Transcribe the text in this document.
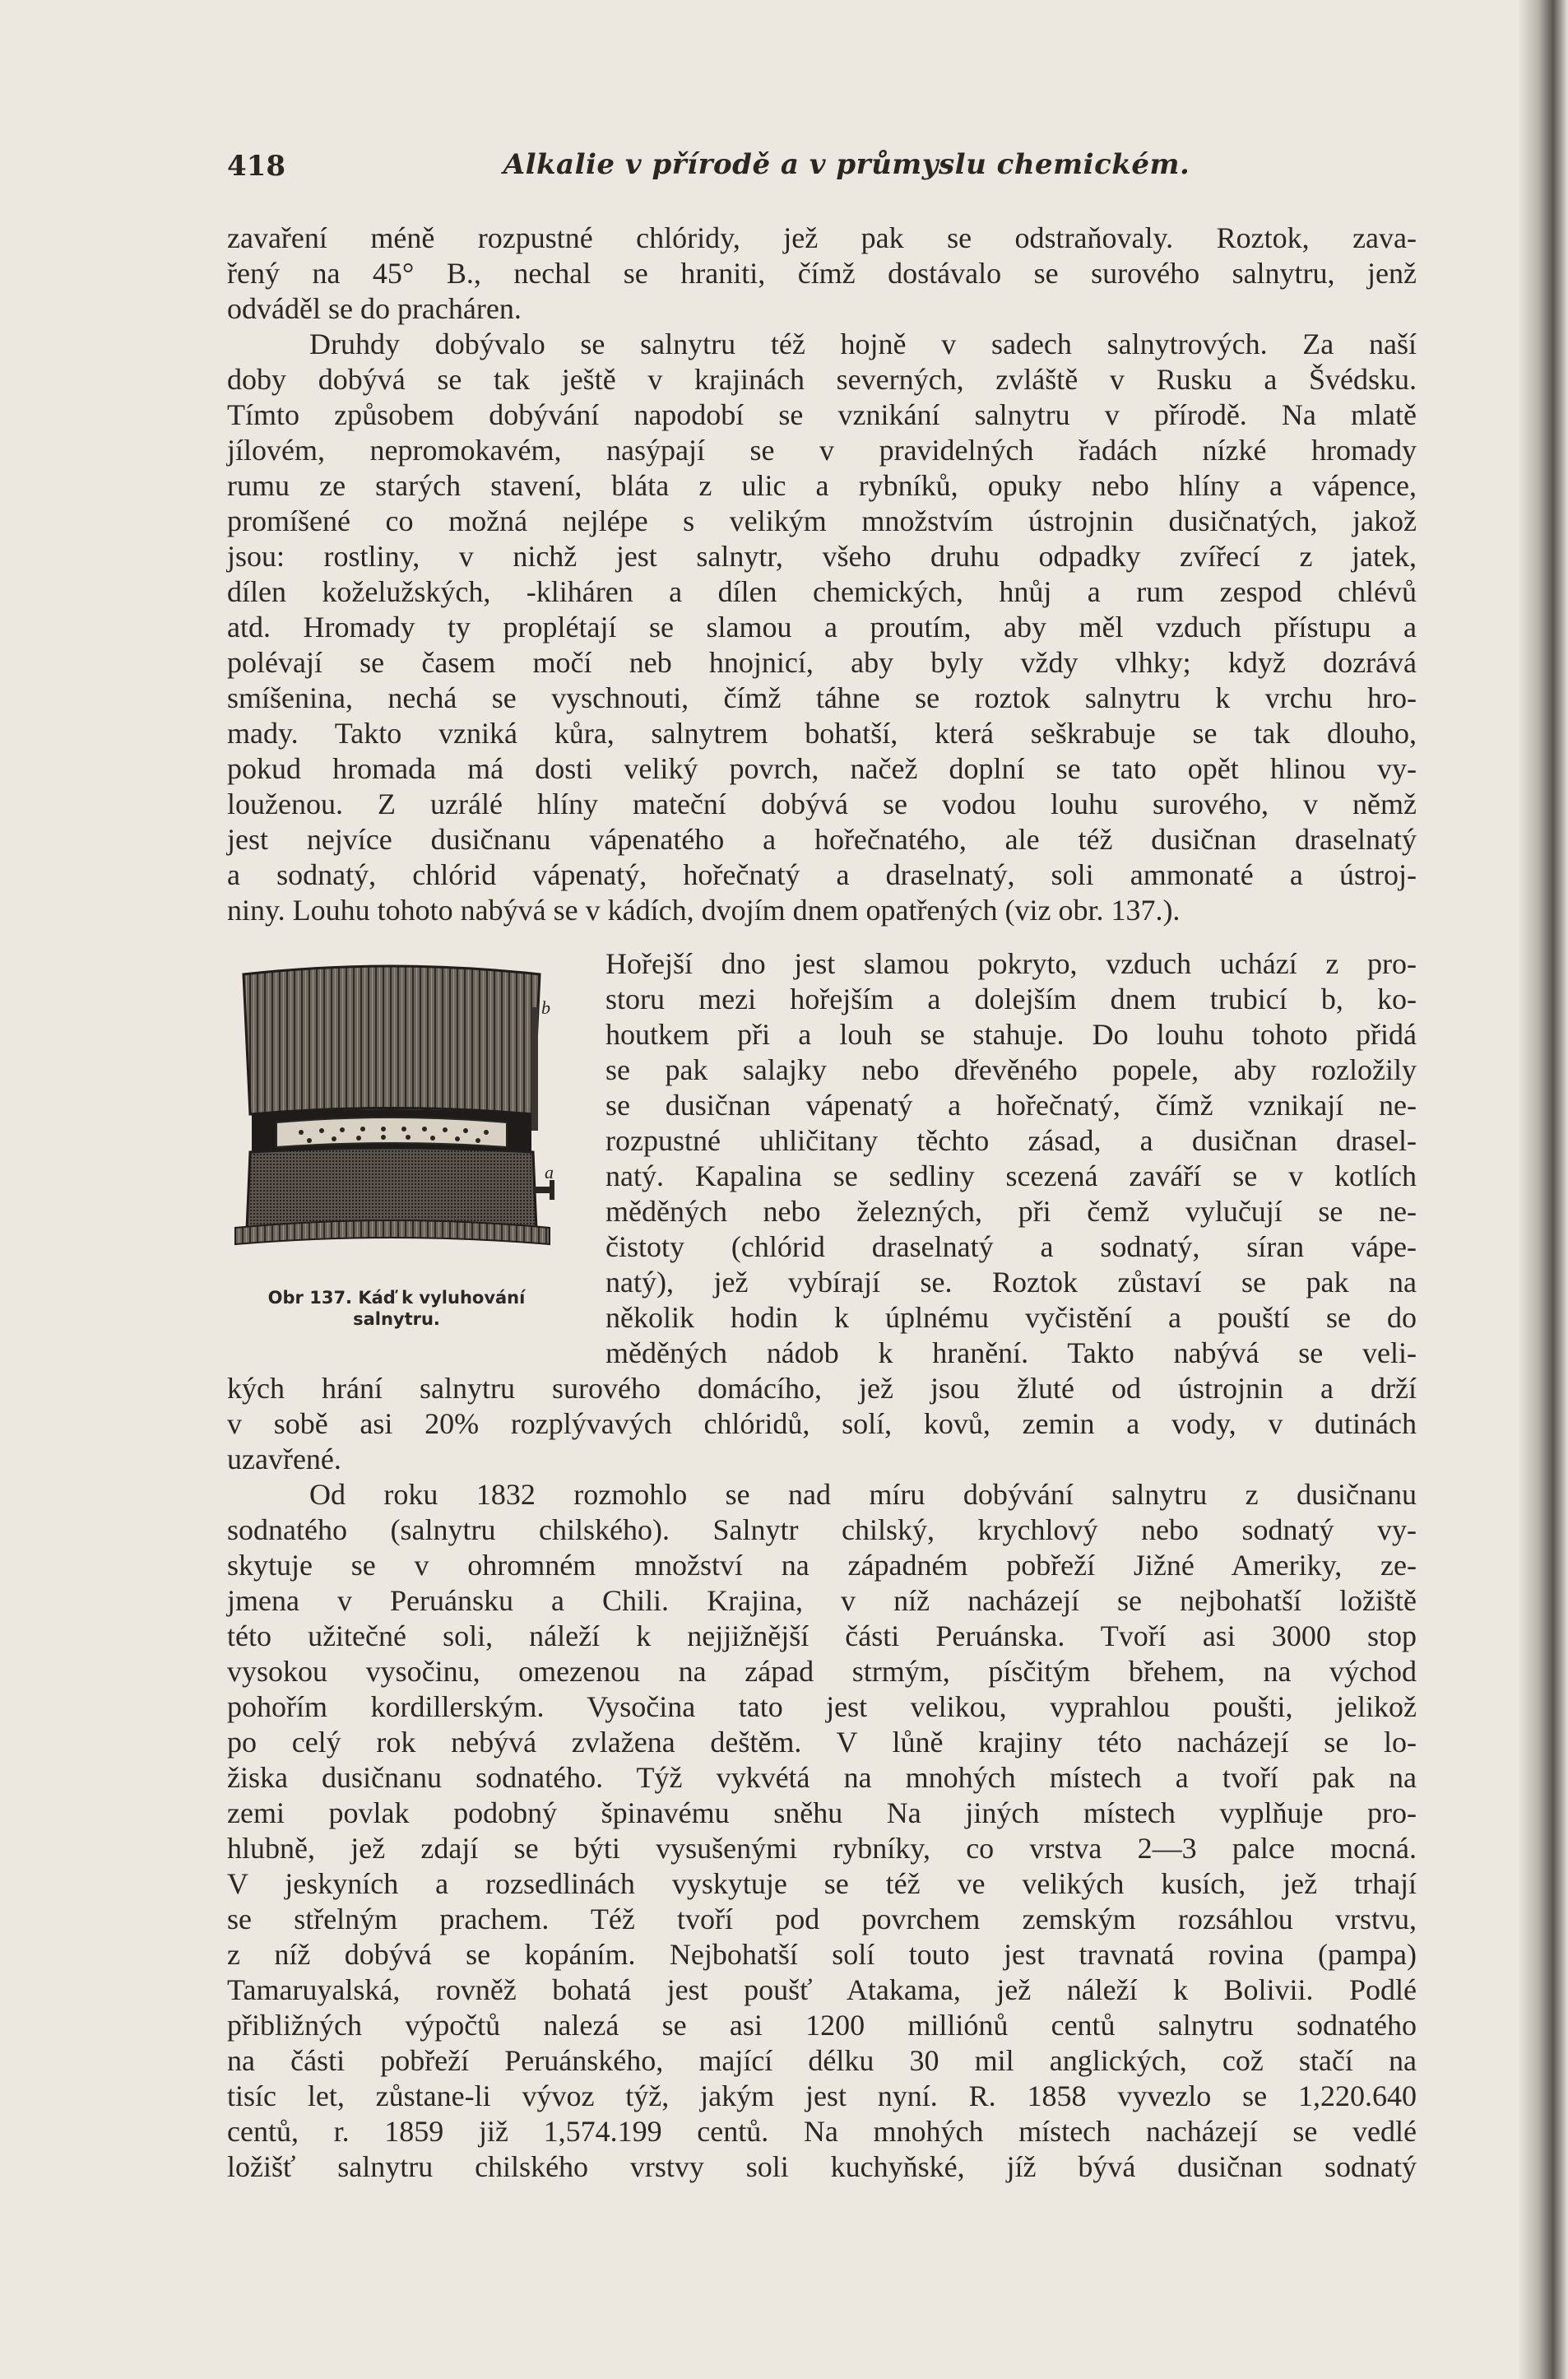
418	Alkalie v přírodě a v průmyslu chemickém.
zavaření méně rozpustné chlóridy, jež pak se odstraňovaly. Roztok, zava-
řený na 45° B., nechal se hraniti, čímž dostávalo se surového salnytru, jenž
odváděl se do pracháren.
Druhdy dobývalo se salnytru též hojně v sadech salnytrových. Za naší
doby dobývá se tak ještě v krajinách severných, zvláště v Rusku a Švédsku.
Tímto způsobem dobývání napodobí se vznikání salnytru v přírodě. Na mlatě
jílovém, nepromokavém, nasýpají se v pravidelných řadách nízké hromady
rumu ze starých stavení, bláta z ulic a rybníků, opuky nebo hlíny a vápence,
promíšené co možná nejlépe s velikým množstvím ústrojnin dusičnatých, jakož
jsou: rostliny, v nichž jest salnytr, všeho druhu odpadky zvířecí z jatek,
dílen koželužských, -kliháren a dílen chemických, hnůj a rum zespod chlévů
atd. Hromady ty proplétají se slamou a proutím, aby měl vzduch přístupu a
polévají se časem močí neb hnojnicí, aby byly vždy vlhky; když dozrává
smíšenina, nechá se vyschnouti, čímž táhne se roztok salnytru k vrchu hro-
mady. Takto vzniká kůra, salnytrem bohatší, která seškrabuje se tak dlouho,
pokud hromada má dosti veliký povrch, načež doplní se tato opět hlinou vy-
louženou. Z uzrálé hlíny mateční dobývá se vodou louhu surového, v němž
jest nejvíce dusičnanu vápenatého a hořečnatého, ale též dusičnan draselnatý
a sodnatý, chlórid vápenatý, hořečnatý a draselnatý, soli ammonaté a ústroj-
niny. Louhu tohoto nabývá se v kádích, dvojím dnem opatřených (viz obr. 137.).
b
a
Obr 137. Káď k vyluhování
salnytru.
Hořejší dno jest slamou pokryto, vzduch uchází z pro-
storu mezi hořejším a dolejším dnem trubicí b, ko-
houtkem při a louh se stahuje. Do louhu tohoto přidá
se pak salajky nebo dřevěného popele, aby rozložily
se dusičnan vápenatý a hořečnatý, čímž vznikají ne-
rozpustné uhličitany těchto zásad, a dusičnan drasel-
natý. Kapalina se sedliny scezená zaváří se v kotlích
měděných nebo železných, při čemž vylučují se ne-
čistoty (chlórid draselnatý a sodnatý, síran vápe-
natý), jež vybírají se. Roztok zůstaví se pak na
několik hodin k úplnému vyčistění a pouští se do
měděných nádob k hranění. Takto nabývá se veli-
kých hrání salnytru surového domácího, jež jsou žluté od ústrojnin a drží
v sobě asi 20% rozplývavých chlóridů, solí, kovů, zemin a vody, v dutinách
uzavřené.
Od roku 1832 rozmohlo se nad míru dobývání salnytru z dusičnanu
sodnatého (salnytru chilského). Salnytr chilský, krychlový nebo sodnatý vy-
skytuje se v ohromném množství na západném pobřeží Jižné Ameriky, ze-
jmena v Peruánsku a Chili. Krajina, v níž nacházejí se nejbohatší ložiště
této užitečné soli, náleží k nejjižnější části Peruánska. Tvoří asi 3000 stop
vysokou vysočinu, omezenou na západ strmým, písčitým břehem, na východ
pohořím kordillerským. Vysočina tato jest velikou, vyprahlou poušti, jelikož
po celý rok nebývá zvlažena deštěm. V lůně krajiny této nacházejí se lo-
žiska dusičnanu sodnatého. Týž vykvétá na mnohých místech a tvoří pak na
zemi povlak podobný špinavému sněhu Na jiných místech vyplňuje pro-
hlubně, jež zdají se býti vysušenými rybníky, co vrstva 2—3 palce mocná.
V jeskyních a rozsedlinách vyskytuje se též ve velikých kusích, jež trhají
se střelným prachem. Též tvoří pod povrchem zemským rozsáhlou vrstvu,
z níž dobývá se kopáním. Nejbohatší solí touto jest travnatá rovina (pampa)
Tamaruyalská, rovněž bohatá jest poušť Atakama, jež náleží k Bolivii. Podlé
přibližných výpočtů nalezá se asi 1200 milliónů centů salnytru sodnatého
na části pobřeží Peruánského, mající délku 30 mil anglických, což stačí na
tisíc let, zůstane-li vývoz týž, jakým jest nyní. R. 1858 vyvezlo se 1,220.640
centů, r. 1859 již 1,574.199 centů. Na mnohých místech nacházejí se vedlé
ložišť salnytru chilského vrstvy soli kuchyňské, jíž bývá dusičnan sodnatý
